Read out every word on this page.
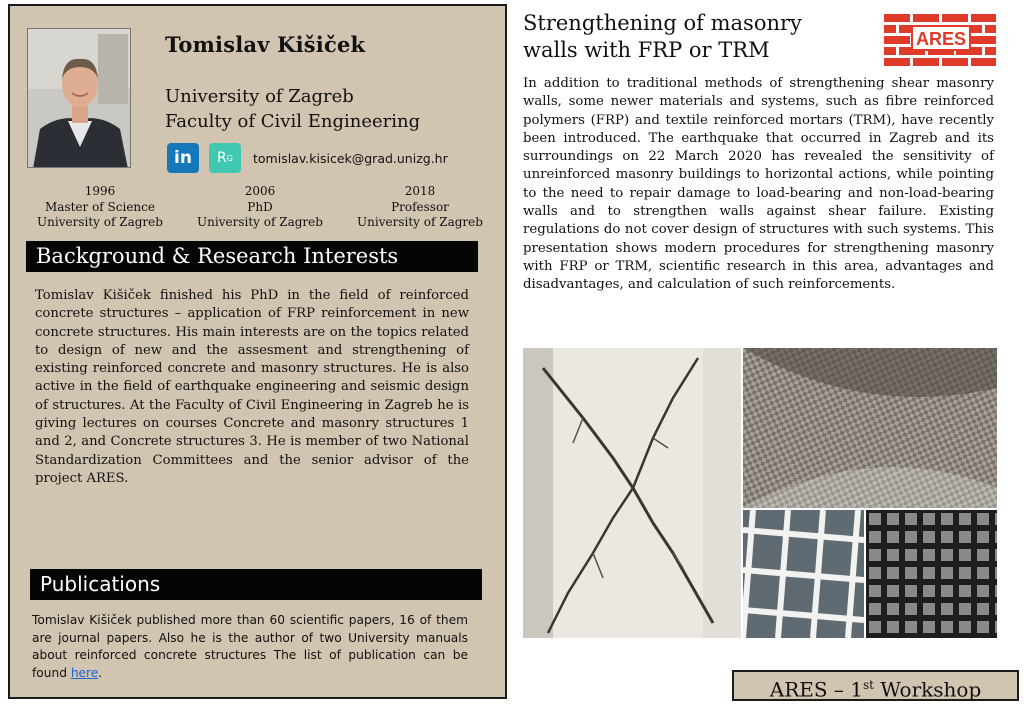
Tomislav Kišiček
University of Zagreb
Faculty of Civil Engineering
in R G tomislav.kisicek@grad.unizg.hr
1996
Master of Science
University of Zagreb
2006
PhD
University of Zagreb
2018
Professor
University of Zagreb
Background & Research Interests
Tomislav Kišiček finished his PhD in the field of reinforced concrete structures – application of FRP reinforcement in new concrete structures. His main interests are on the topics related to design of new and the assesment and strengthening of existing reinforced concrete and masonry structures. He is also active in the field of earthquake engineering and seismic design of structures. At the Faculty of Civil Engineering in Zagreb he is giving lectures on courses Concrete and masonry structures 1 and 2, and Concrete structures 3. He is member of two National Standardization Committees and the senior advisor of the project ARES.
Publications
Tomislav Kišiček published more than 60 scientific papers, 16 of them are journal papers. Also he is the author of two University manuals about reinforced concrete structures The list of publication can be found here.
Strengthening of masonry
walls with FRP or TRM	ARES
In addition to traditional methods of strengthening shear masonry walls, some newer materials and systems, such as fibre reinforced polymers (FRP) and textile reinforced mortars (TRM), have recently been introduced. The earthquake that occurred in Zagreb and its surroundings on 22 March 2020 has revealed the sensitivity of unreinforced masonry buildings to horizontal actions, while pointing to the need to repair damage to load-bearing and non-load-bearing walls and to strengthen walls against shear failure. Existing regulations do not cover design of structures with such systems. This presentation shows modern procedures for strengthening masonry with FRP or TRM, scientific research in this area, advantages and disadvantages, and calculation of such reinforcements.
ARES – 1st Workshop
